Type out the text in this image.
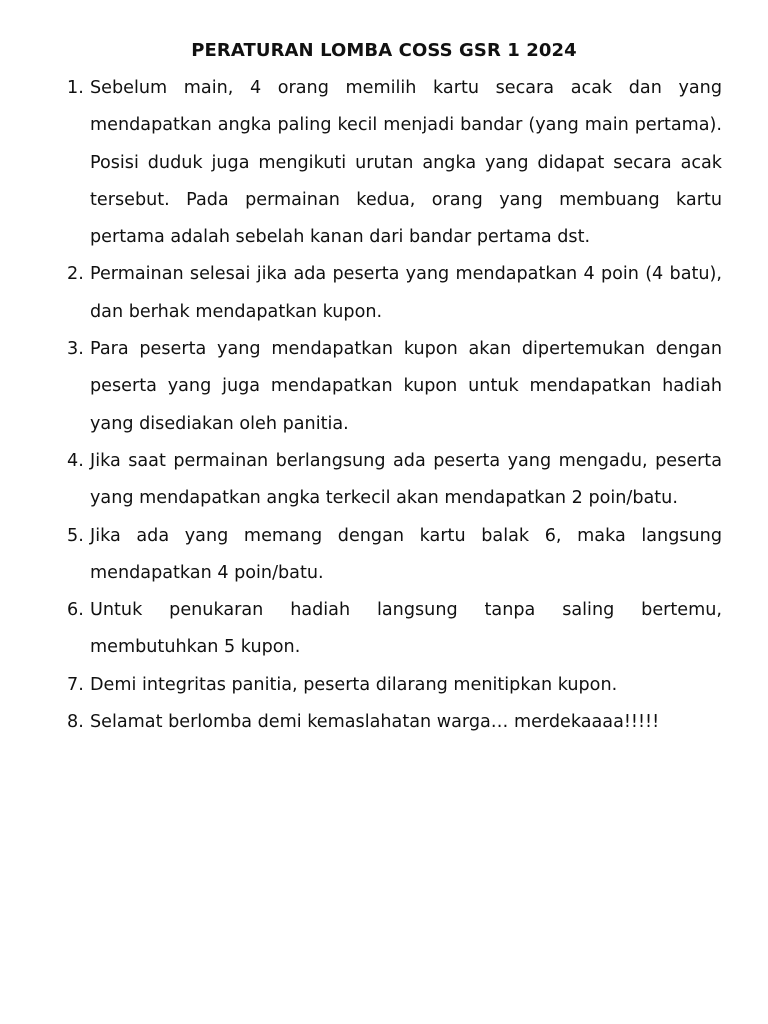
PERATURAN LOMBA COSS GSR 1 2024
1. Sebelum main, 4 orang memilih kartu secara acak dan yang mendapatkan angka paling kecil menjadi bandar (yang main pertama). Posisi duduk juga mengikuti urutan angka yang didapat secara acak tersebut. Pada permainan kedua, orang yang membuang kartu pertama adalah sebelah kanan dari bandar pertama dst.
2. Permainan selesai jika ada peserta yang mendapatkan 4 poin (4 batu), dan berhak mendapatkan kupon.
3. Para peserta yang mendapatkan kupon akan dipertemukan dengan peserta yang juga mendapatkan kupon untuk mendapatkan hadiah yang disediakan oleh panitia.
4. Jika saat permainan berlangsung ada peserta yang mengadu, peserta yang mendapatkan angka terkecil akan mendapatkan 2 poin/batu.
5. Jika ada yang memang dengan kartu balak 6, maka langsung mendapatkan 4 poin/batu.
6. Untuk penukaran hadiah langsung tanpa saling bertemu, membutuhkan 5 kupon.
7. Demi integritas panitia, peserta dilarang menitipkan kupon.
8. Selamat berlomba demi kemaslahatan warga… merdekaaaa!!!!!
